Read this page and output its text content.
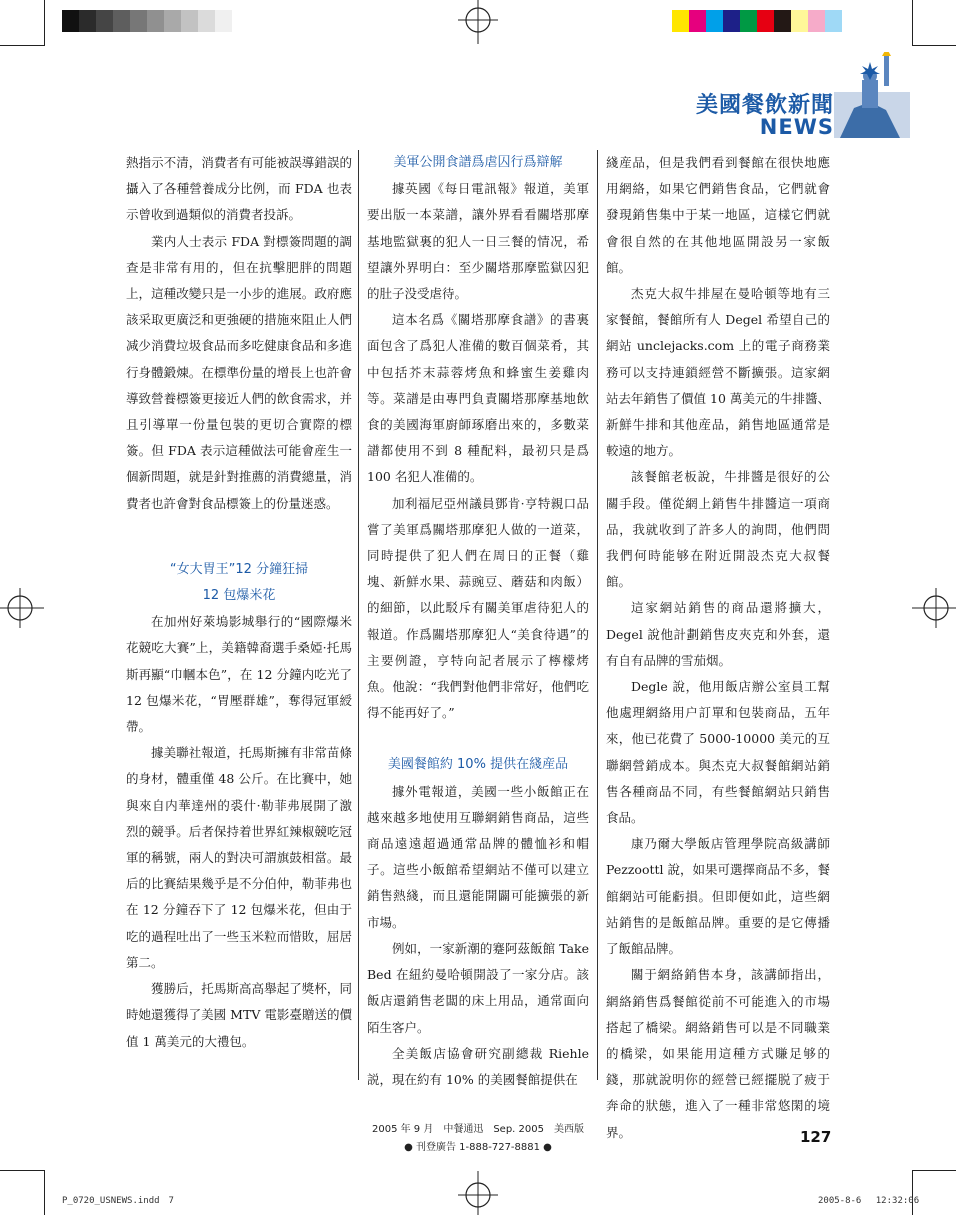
美國餐飲新聞
NEWS

熱指示不清，消費者有可能被誤導錯誤的攝入了各種營養成分比例，而 FDA 也表示曾收到過類似的消費者投訴。

業内人士表示 FDA 對標簽問題的調查是非常有用的，但在抗擊肥胖的問題上，這種改變只是一小步的進展。政府應該采取更廣泛和更強硬的措施來阻止人們减少消費垃圾食品而多吃健康食品和多進行身體鍛煉。在標準份量的增長上也許會導致營養標簽更接近人們的飲食需求，并且引導單一份量包裝的更切合實際的標簽。但 FDA 表示這種做法可能會産生一個新問題，就是針對推薦的消費總量，消費者也許會對食品標簽上的份量迷惑。

“女大胃王”12 分鐘狂掃
12 包爆米花

在加州好萊塢影城舉行的“國際爆米花競吃大賽”上，美籍韓裔選手桑婭·托馬斯再顯“巾幗本色”，在 12 分鐘内吃光了 12 包爆米花，“胃壓群雄”，奪得冠軍綬帶。

據美聯社報道，托馬斯擁有非常苗條的身材，體重僅 48 公斤。在比賽中，她與來自内華達州的裘什·勒菲弗展開了激烈的競爭。后者保持着世界紅辣椒競吃冠軍的稱號，兩人的對决可謂旗鼓相當。最后的比賽結果幾乎是不分伯仲，勒菲弗也在 12 分鐘吞下了 12 包爆米花，但由于吃的過程吐出了一些玉米粒而惜敗，屈居第二。

獲勝后，托馬斯高高舉起了獎杯，同時她還獲得了美國 MTV 電影臺贈送的價值 1 萬美元的大禮包。

美軍公開食譜爲虐囚行爲辯解

據英國《每日電訊報》報道，美軍要出版一本菜譜，讓外界看看關塔那摩基地監獄裏的犯人一日三餐的情况，希望讓外界明白：至少關塔那摩監獄囚犯的肚子没受虐待。

這本名爲《關塔那摩食譜》的書裏面包含了爲犯人准備的數百個菜肴，其中包括芥末蒜蓉烤魚和蜂蜜生姜雞肉等。菜譜是由專門負責關塔那摩基地飲食的美國海軍廚師琢磨出來的，多數菜譜都使用不到 8 種配料，最初只是爲 100 名犯人准備的。

加利福尼亞州議員鄧肯·亨特親口品嘗了美軍爲關塔那摩犯人做的一道菜，同時提供了犯人們在周日的正餐（雞塊、新鮮水果、蒜豌豆、蘑菇和肉飯）的細節，以此駁斥有關美軍虐待犯人的報道。作爲關塔那摩犯人“美食待遇”的主要例證，亨特向記者展示了檸檬烤魚。他說：“我們對他們非常好，他們吃得不能再好了。”

美國餐館約 10% 提供在綫産品

據外電報道，美國一些小飯館正在越來越多地使用互聯網銷售商品，這些商品遠遠超過通常品牌的體恤衫和帽子。這些小飯館希望網站不僅可以建立銷售熱綫，而且還能開闢可能擴張的新市場。

例如，一家新潮的蹇阿茲飯館 Take Bed 在紐約曼哈頓開設了一家分店。該飯店還銷售老闆的床上用品，通常面向陌生客户。

全美飯店協會研究副總裁 Riehle 説，現在約有 10% 的美國餐館提供在

綫産品，但是我們看到餐館在很快地應用網絡，如果它們銷售食品，它們就會發現銷售集中于某一地區，這樣它們就會很自然的在其他地區開設另一家飯館。

杰克大叔牛排屋在曼哈頓等地有三家餐館，餐館所有人 Degel 希望自己的網站 unclejacks.com 上的電子商務業務可以支持連鎖經營不斷擴張。這家網站去年銷售了價值 10 萬美元的牛排醬、新鮮牛排和其他産品，銷售地區通常是較遠的地方。

該餐館老板說，牛排醬是很好的公關手段。僅從網上銷售牛排醬這一項商品，我就收到了許多人的詢問，他們問我們何時能够在附近開設杰克大叔餐館。

這家網站銷售的商品還將擴大，Degel 說他計劃銷售皮夾克和外套，還有自有品牌的雪茄烟。

Degle 說，他用飯店辦公室員工幫他處理網絡用户訂單和包裝商品，五年來，他已花費了 5000-10000 美元的互聯網營銷成本。與杰克大叔餐館網站銷售各種商品不同，有些餐館網站只銷售食品。

康乃爾大學飯店管理學院高級講師 Pezzoottl 說，如果可選擇商品不多，餐館網站可能虧損。但即便如此，這些網站銷售的是飯館品牌。重要的是它傳播了飯館品牌。

關于網絡銷售本身，該講師指出，網絡銷售爲餐館從前不可能進入的市場搭起了橋梁。網絡銷售可以是不同職業的橋梁，如果能用這種方式賺足够的錢，那就說明你的經營已經擺脱了疲于奔命的狀態，進入了一種非常悠閑的境界。

2005 年 9 月　中餐通迅　Sep. 2005　美西版
● 刊登廣告 1-888-727-8881 ●
127
P_0720_USNEWS.indd　7	2005-8-6　 12:32:06
